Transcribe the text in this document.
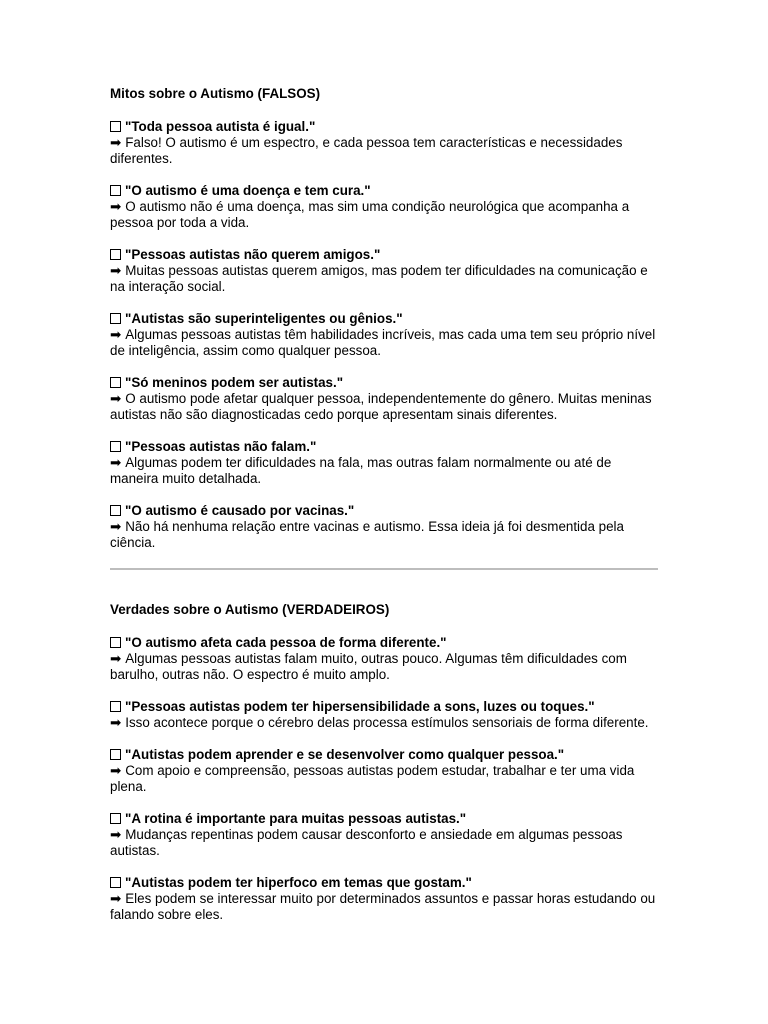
Mitos sobre o Autismo (FALSOS)
"Toda pessoa autista é igual."
➡ Falso! O autismo é um espectro, e cada pessoa tem características e necessidades diferentes.
"O autismo é uma doença e tem cura."
➡ O autismo não é uma doença, mas sim uma condição neurológica que acompanha a pessoa por toda a vida.
"Pessoas autistas não querem amigos."
➡ Muitas pessoas autistas querem amigos, mas podem ter dificuldades na comunicação e na interação social.
"Autistas são superinteligentes ou gênios."
➡ Algumas pessoas autistas têm habilidades incríveis, mas cada uma tem seu próprio nível de inteligência, assim como qualquer pessoa.
"Só meninos podem ser autistas."
➡ O autismo pode afetar qualquer pessoa, independentemente do gênero. Muitas meninas autistas não são diagnosticadas cedo porque apresentam sinais diferentes.
"Pessoas autistas não falam."
➡ Algumas podem ter dificuldades na fala, mas outras falam normalmente ou até de maneira muito detalhada.
"O autismo é causado por vacinas."
➡ Não há nenhuma relação entre vacinas e autismo. Essa ideia já foi desmentida pela ciência.
Verdades sobre o Autismo (VERDADEIROS)
"O autismo afeta cada pessoa de forma diferente."
➡ Algumas pessoas autistas falam muito, outras pouco. Algumas têm dificuldades com barulho, outras não. O espectro é muito amplo.
"Pessoas autistas podem ter hipersensibilidade a sons, luzes ou toques."
➡ Isso acontece porque o cérebro delas processa estímulos sensoriais de forma diferente.
"Autistas podem aprender e se desenvolver como qualquer pessoa."
➡ Com apoio e compreensão, pessoas autistas podem estudar, trabalhar e ter uma vida plena.
"A rotina é importante para muitas pessoas autistas."
➡ Mudanças repentinas podem causar desconforto e ansiedade em algumas pessoas autistas.
"Autistas podem ter hiperfoco em temas que gostam."
➡ Eles podem se interessar muito por determinados assuntos e passar horas estudando ou falando sobre eles.
